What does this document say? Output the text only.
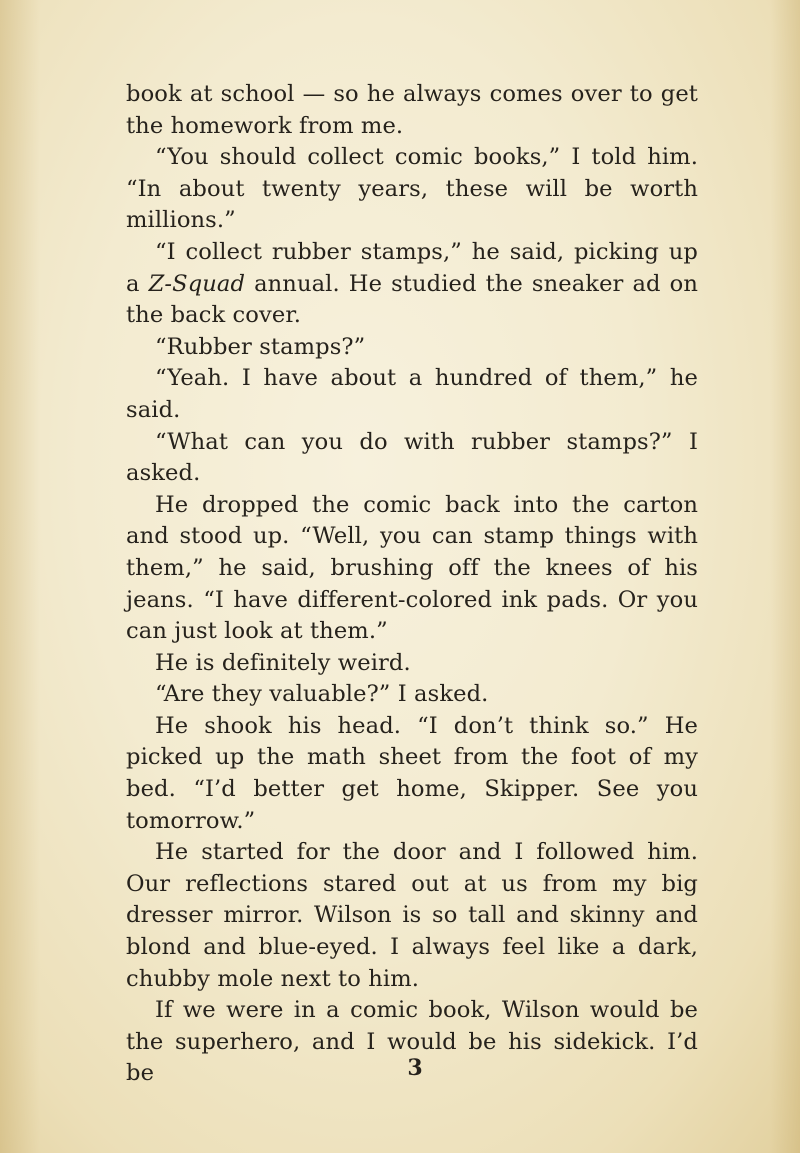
book at school — so he always comes over to get the homework from me.

“You should collect comic books,” I told him. “In about twenty years, these will be worth millions.”

“I collect rubber stamps,” he said, picking up a Z-Squad annual. He studied the sneaker ad on the back cover.

“Rubber stamps?”

“Yeah. I have about a hundred of them,” he said.

“What can you do with rubber stamps?” I asked.

He dropped the comic back into the carton and stood up. “Well, you can stamp things with them,” he said, brushing off the knees of his jeans. “I have different-colored ink pads. Or you can just look at them.”

He is definitely weird.

“Are they valuable?” I asked.

He shook his head. “I don’t think so.” He picked up the math sheet from the foot of my bed. “I’d better get home, Skipper. See you tomorrow.”

He started for the door and I followed him. Our reflections stared out at us from my big dresser mirror. Wilson is so tall and skinny and blond and blue-eyed. I always feel like a dark, chubby mole next to him.

If we were in a comic book, Wilson would be the superhero, and I would be his sidekick. I’d be	3
